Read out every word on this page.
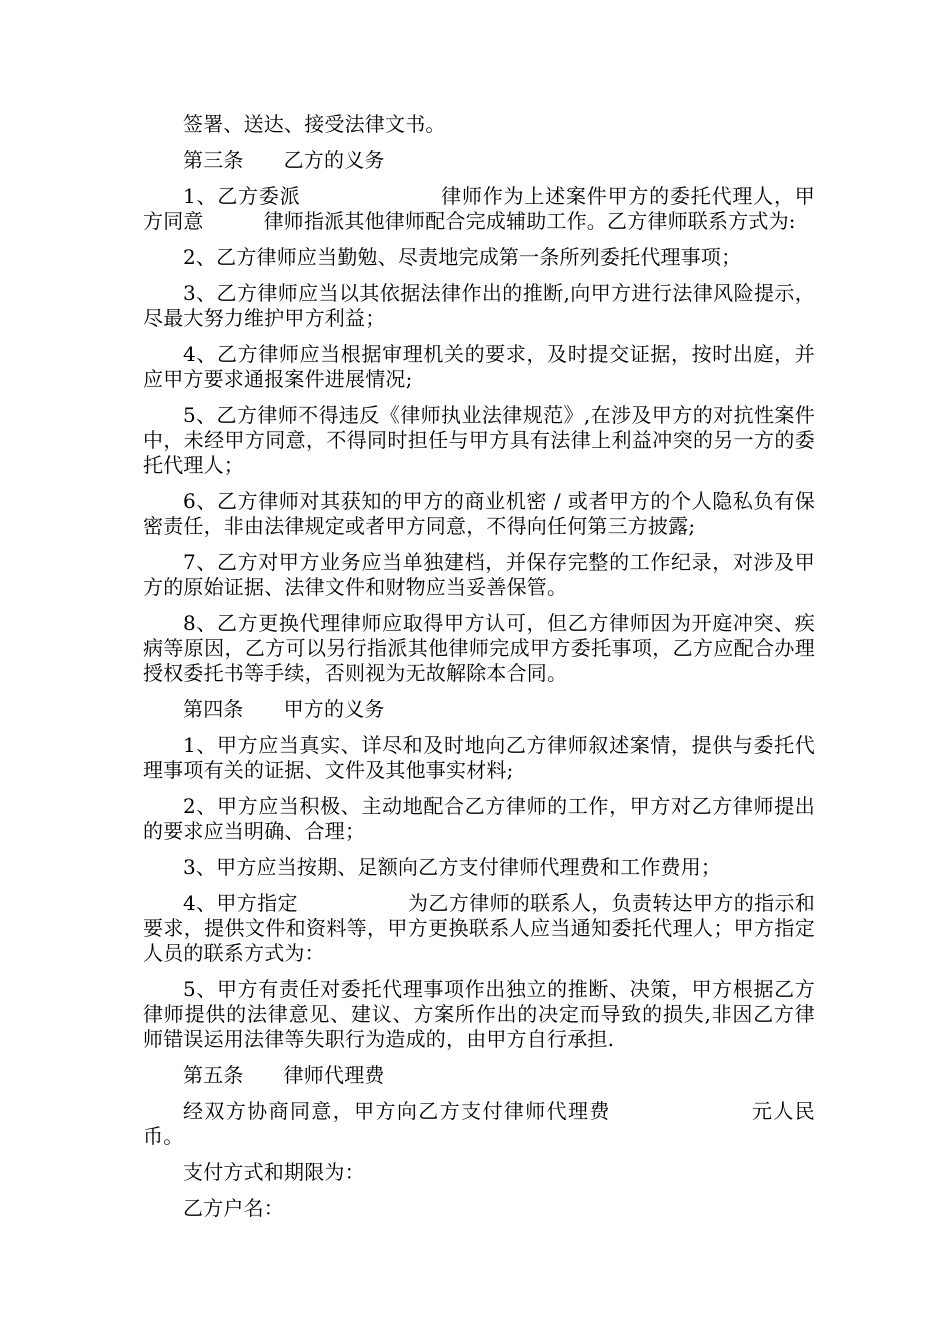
签署、送达、接受法律文书。

第三条 乙方的义务

1、乙方委派	律师作为上述案件甲方的委托代理人，甲方同意	律师指派其他律师配合完成辅助工作。乙方律师联系方式为:

2、乙方律师应当勤勉、尽责地完成第一条所列委托代理事项；

3、乙方律师应当以其依据法律作出的推断,向甲方进行法律风险提示，尽最大努力维护甲方利益；

4、乙方律师应当根据审理机关的要求，及时提交证据，按时出庭，并应甲方要求通报案件进展情况;

5、乙方律师不得违反《律师执业法律规范》,在涉及甲方的对抗性案件中，未经甲方同意，不得同时担任与甲方具有法律上利益冲突的另一方的委托代理人；

6、乙方律师对其获知的甲方的商业机密 / 或者甲方的个人隐私负有保密责任，非由法律规定或者甲方同意，不得向任何第三方披露;

7、乙方对甲方业务应当单独建档，并保存完整的工作纪录，对涉及甲方的原始证据、法律文件和财物应当妥善保管。

8、乙方更换代理律师应取得甲方认可，但乙方律师因为开庭冲突、疾病等原因，乙方可以另行指派其他律师完成甲方委托事项，乙方应配合办理授权委托书等手续，否则视为无故解除本合同。

第四条 甲方的义务

1、甲方应当真实、详尽和及时地向乙方律师叙述案情，提供与委托代理事项有关的证据、文件及其他事实材料;

2、甲方应当积极、主动地配合乙方律师的工作，甲方对乙方律师提出的要求应当明确、合理；

3、甲方应当按期、足额向乙方支付律师代理费和工作费用；

4、甲方指定	为乙方律师的联系人，负责转达甲方的指示和要求，提供文件和资料等，甲方更换联系人应当通知委托代理人；甲方指定人员的联系方式为：

5、甲方有责任对委托代理事项作出独立的推断、决策，甲方根据乙方律师提供的法律意见、建议、方案所作出的决定而导致的损失,非因乙方律师错误运用法律等失职行为造成的，由甲方自行承担.

第五条 律师代理费

经双方协商同意，甲方向乙方支付律师代理费	元人民币。

支付方式和期限为：

乙方户名：
